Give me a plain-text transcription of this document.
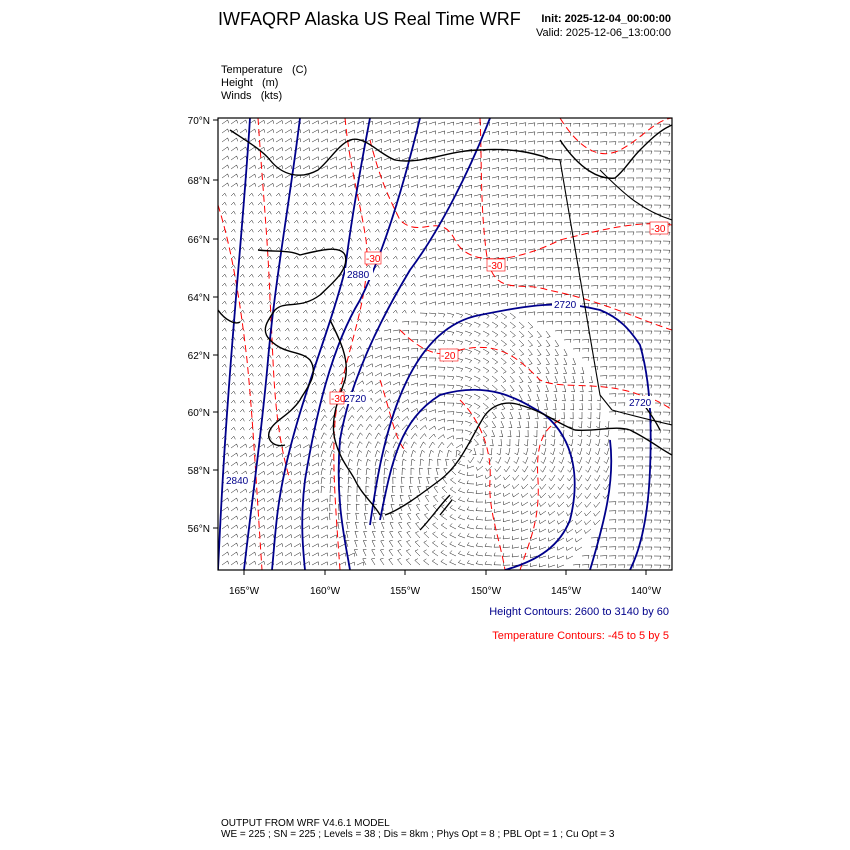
IWFAQRP Alaska US Real Time WRF Init: 2025-12-04_00:00:00
Valid: 2025-12-06_13:00:00
Temperature (C)
Height (m)
Winds (kts)
70°N
68°N
66°N
64°N
62°N
60°N
58°N
56°N
165°W	160°W	155°W	150°W	145°W	140°W
2880
2720
2720	2720
2840
-30
-30
-30
-20
-30
Height Contours: 2600 to 3140 by 60
Temperature Contours: -45 to 5 by 5
OUTPUT FROM WRF V4.6.1 MODEL
WE = 225 ; SN = 225 ; Levels = 38 ; Dis = 8km ; Phys Opt = 8 ; PBL Opt = 1 ; Cu Opt = 3
